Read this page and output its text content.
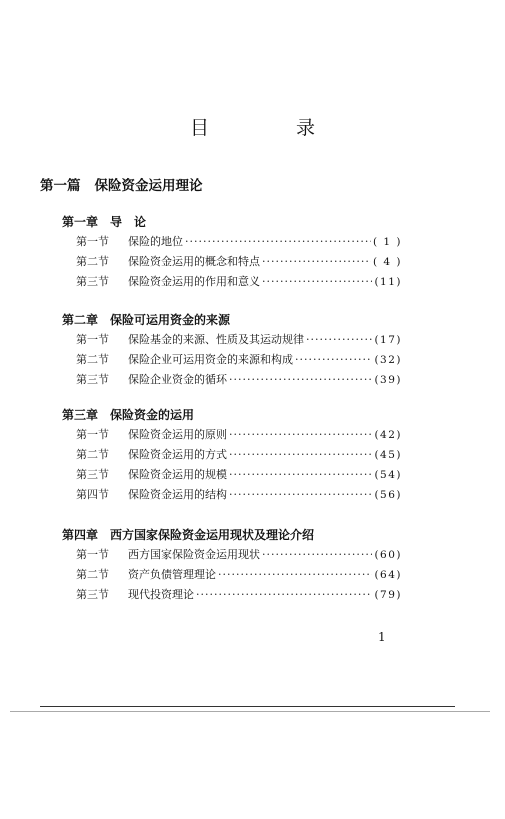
目　录
第一篇 保险资金运用理论
第一章 导　论
第一节	保险的地位 ·····	( 1 )
第二节	保险资金运用的概念和特点 ·····	( 4 )
第三节	保险资金运用的作用和意义 ·····	(11)
第二章 保险可运用资金的来源
第一节	保险基金的来源、性质及其运动规律 ·····	(17)
第二节	保险企业可运用资金的来源和构成 ·····	(32)
第三节	保险企业资金的循环 ·····	(39)
第三章 保险资金的运用
第一节	保险资金运用的原则 ·····	(42)
第二节	保险资金运用的方式 ·····	(45)
第三节	保险资金运用的规模 ·····	(54)
第四节	保险资金运用的结构 ·····	(56)
第四章 西方国家保险资金运用现状及理论介绍
第一节	西方国家保险资金运用现状 ·····	(60)
第二节	资产负债管理理论 ·····	(64)
第三节	现代投资理论 ·····	(79)
1
